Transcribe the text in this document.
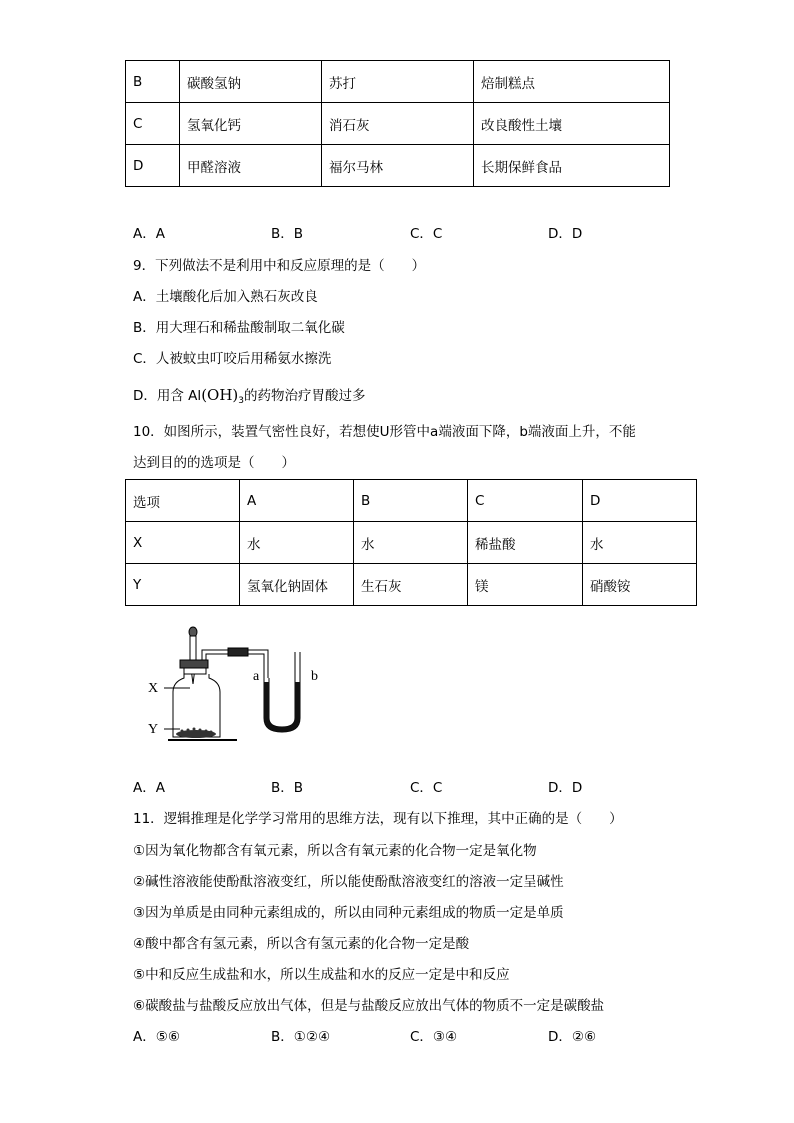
B	碳酸氢钠	苏打	焙制糕点
C	氢氧化钙	消石灰	改良酸性土壤
D	甲醛溶液	福尔马林	长期保鲜食品
A．A	B．B	C．C	D．D
9．下列做法不是利用中和反应原理的是（　　）
A．土壤酸化后加入熟石灰改良
B．用大理石和稀盐酸制取二氧化碳
C．人被蚊虫叮咬后用稀氨水擦洗
D．用含 $Al(OH)_3$的药物治疗胃酸过多
10．如图所示，装置气密性良好，若想使U形管中a端液面下降，b端液面上升，不能
达到目的的选项是（　　）
选项	A	B	C	D
X	水	水	稀盐酸	水
Y	氢氧化钠固体	生石灰	镁	硝酸铵
X
Y
a	b
A．A	B．B	C．C	D．D
11．逻辑推理是化学学习常用的思维方法，现有以下推理，其中正确的是（　　）
①因为氧化物都含有氧元素，所以含有氧元素的化合物一定是氧化物
②碱性溶液能使酚酞溶液变红，所以能使酚酞溶液变红的溶液一定呈碱性
③因为单质是由同种元素组成的，所以由同种元素组成的物质一定是单质
④酸中都含有氢元素，所以含有氢元素的化合物一定是酸
⑤中和反应生成盐和水，所以生成盐和水的反应一定是中和反应
⑥碳酸盐与盐酸反应放出气体，但是与盐酸反应放出气体的物质不一定是碳酸盐
A．⑤⑥	B．①②④	C．③④	D．②⑥
